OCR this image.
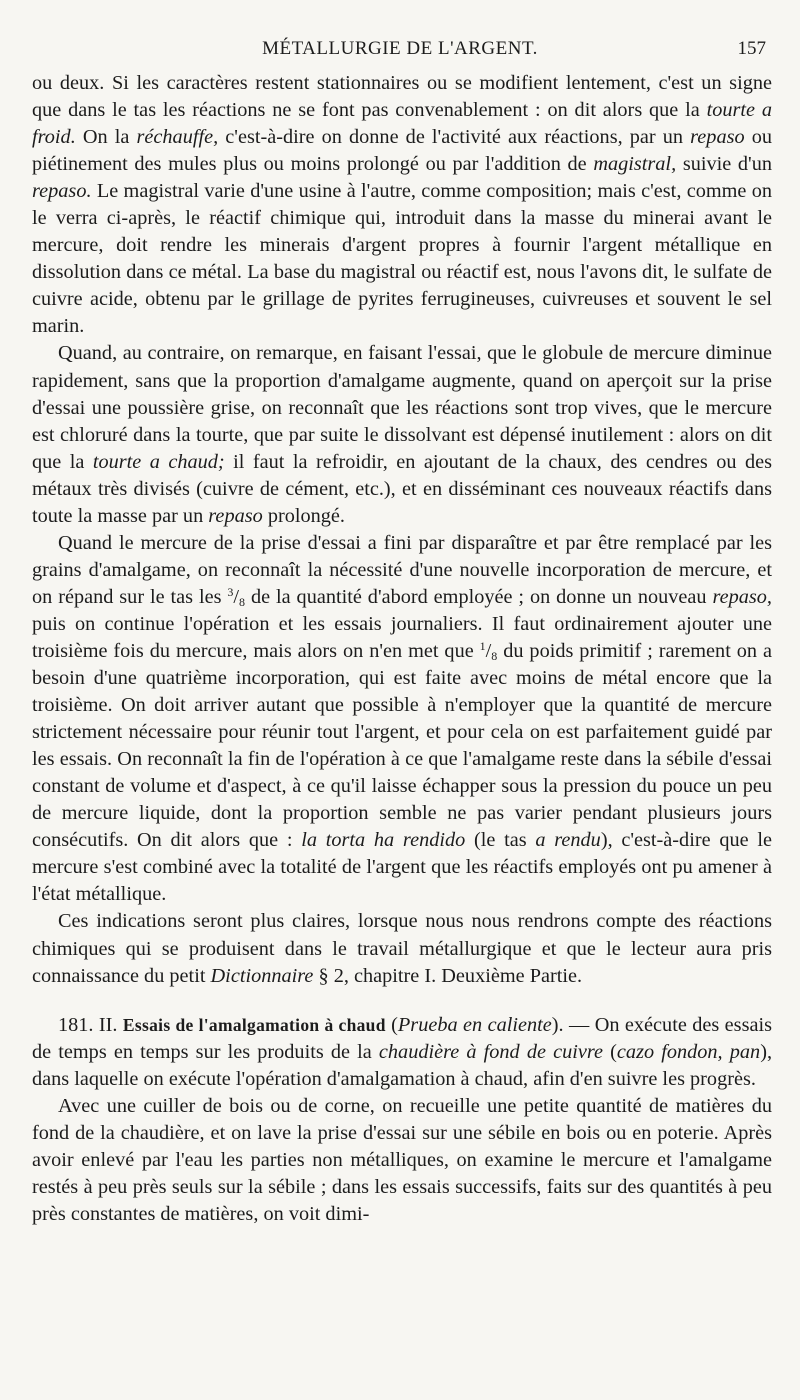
MÉTALLURGIE DE L'ARGENT.	157

ou deux. Si les caractères restent stationnaires ou se modifient lentement, c'est un signe que dans le tas les réactions ne se font pas convenablement : on dit alors que la tourte a froid. On la réchauffe, c'est-à-dire on donne de l'activité aux réactions, par un repaso ou piétinement des mules plus ou moins prolongé ou par l'addition de magistral, suivie d'un repaso. Le magistral varie d'une usine à l'autre, comme composition; mais c'est, comme on le verra ci-après, le réactif chimique qui, introduit dans la masse du minerai avant le mercure, doit rendre les minerais d'argent propres à fournir l'argent métallique en dissolution dans ce métal. La base du magistral ou réactif est, nous l'avons dit, le sulfate de cuivre acide, obtenu par le grillage de pyrites ferrugineuses, cuivreuses et souvent le sel marin.

Quand, au contraire, on remarque, en faisant l'essai, que le globule de mercure diminue rapidement, sans que la proportion d'amalgame augmente, quand on aperçoit sur la prise d'essai une poussière grise, on reconnaît que les réactions sont trop vives, que le mercure est chloruré dans la tourte, que par suite le dissolvant est dépensé inutilement : alors on dit que la tourte a chaud; il faut la refroidir, en ajoutant de la chaux, des cendres ou des métaux très divisés (cuivre de cément, etc.), et en disséminant ces nouveaux réactifs dans toute la masse par un repaso prolongé.

Quand le mercure de la prise d'essai a fini par disparaître et par être remplacé par les grains d'amalgame, on reconnaît la nécessité d'une nouvelle incorporation de mercure, et on répand sur le tas les $^3/_8$ de la quantité d'abord employée ; on donne un nouveau repaso, puis on continue l'opération et les essais journaliers. Il faut ordinairement ajouter une troisième fois du mercure, mais alors on n'en met que $^1/_8$ du poids primitif ; rarement on a besoin d'une quatrième incorporation, qui est faite avec moins de métal encore que la troisième. On doit arriver autant que possible à n'employer que la quantité de mercure strictement nécessaire pour réunir tout l'argent, et pour cela on est parfaitement guidé par les essais. On reconnaît la fin de l'opération à ce que l'amalgame reste dans la sébile d'essai constant de volume et d'aspect, à ce qu'il laisse échapper sous la pression du pouce un peu de mercure liquide, dont la proportion semble ne pas varier pendant plusieurs jours consécutifs. On dit alors que : la torta ha rendido (le tas a rendu), c'est-à-dire que le mercure s'est combiné avec la totalité de l'argent que les réactifs employés ont pu amener à l'état métallique.

Ces indications seront plus claires, lorsque nous nous rendrons compte des réactions chimiques qui se produisent dans le travail métallurgique et que le lecteur aura pris connaissance du petit Dictionnaire § 2, chapitre I. Deuxième Partie.

181. II. Essais de l'amalgamation à chaud (Prueba en caliente). — On exécute des essais de temps en temps sur les produits de la chaudière à fond de cuivre (cazo fondon, pan), dans laquelle on exécute l'opération d'amalgamation à chaud, afin d'en suivre les progrès.

Avec une cuiller de bois ou de corne, on recueille une petite quantité de matières du fond de la chaudière, et on lave la prise d'essai sur une sébile en bois ou en poterie. Après avoir enlevé par l'eau les parties non métalliques, on examine le mercure et l'amalgame restés à peu près seuls sur la sébile ; dans les essais successifs, faits sur des quantités à peu près constantes de matières, on voit dimi-
